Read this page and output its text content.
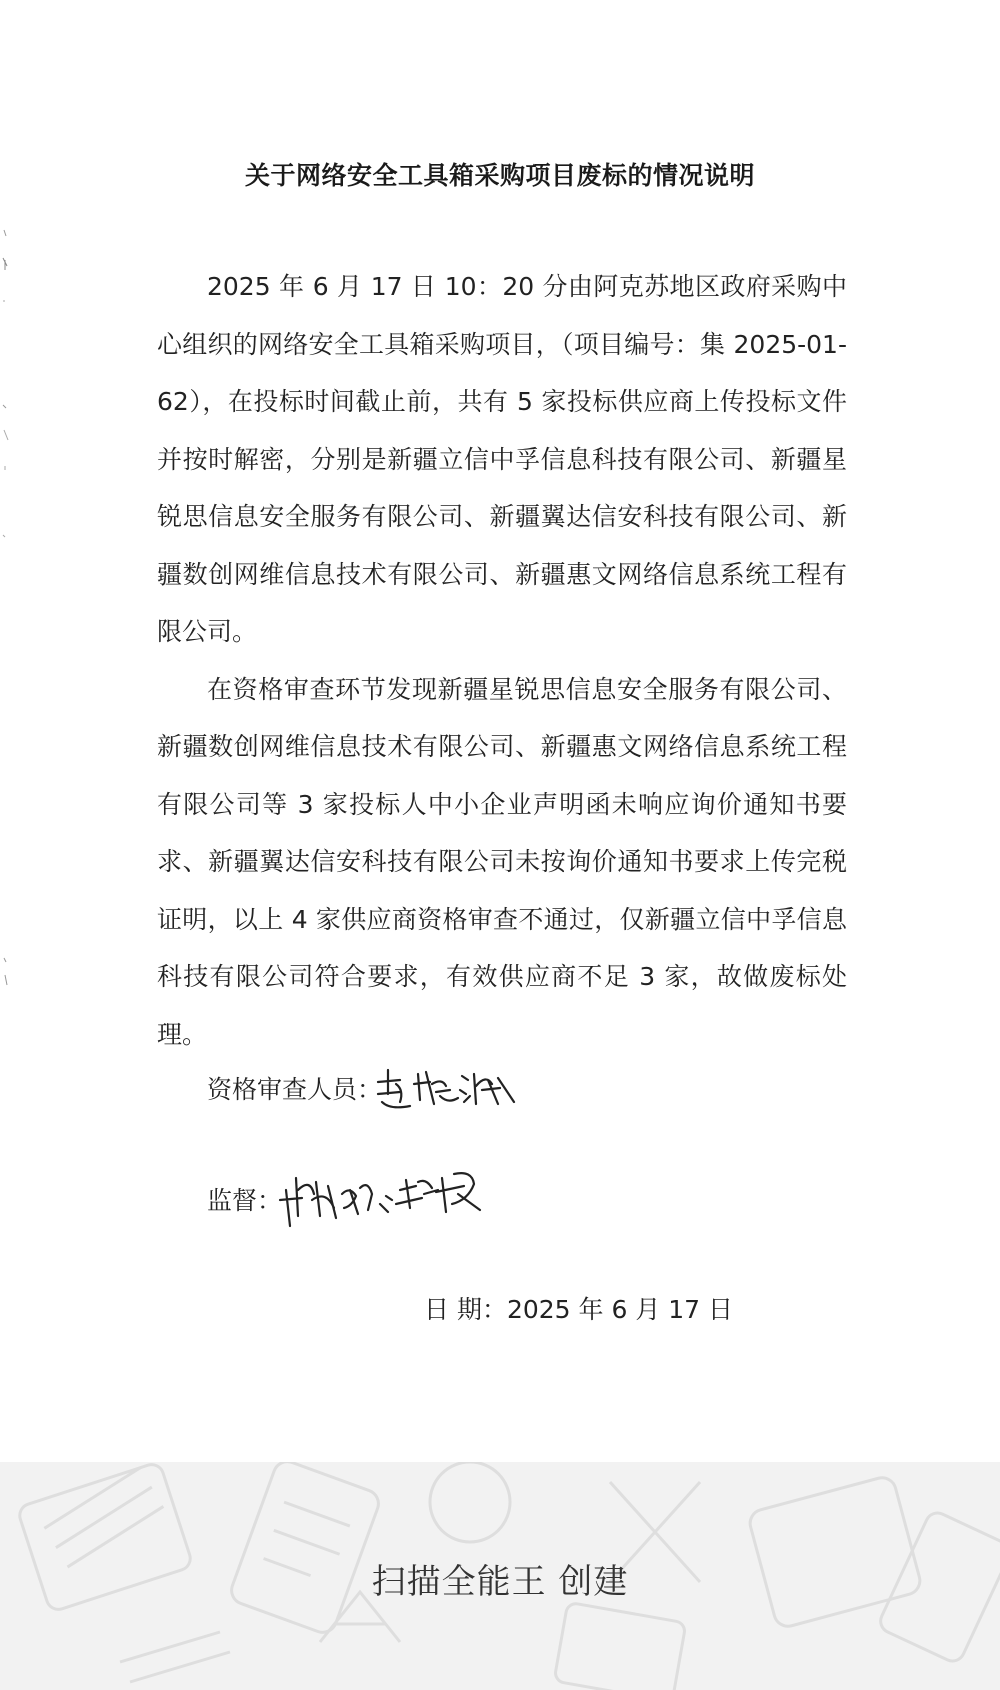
关于网络安全工具箱采购项目废标的情况说明

2025 年 6 月 17 日 10：20 分由阿克苏地区政府采购中心组织的网络安全工具箱采购项目，（项目编号：集 2025-01-62），在投标时间截止前，共有 5 家投标供应商上传投标文件并按时解密，分别是新疆立信中孚信息科技有限公司、新疆星锐思信息安全服务有限公司、新疆翼达信安科技有限公司、新疆数创网维信息技术有限公司、新疆惠文网络信息系统工程有限公司。

在资格审查环节发现新疆星锐思信息安全服务有限公司、新疆数创网维信息技术有限公司、新疆惠文网络信息系统工程有限公司等 3 家投标人中小企业声明函未响应询价通知书要求、新疆翼达信安科技有限公司未按询价通知书要求上传完税证明，以上 4 家供应商资格审查不通过，仅新疆立信中孚信息科技有限公司符合要求，有效供应商不足 3 家，故做废标处理。

资格审查人员：
监督：
日 期：2025 年 6 月 17 日
扫描全能王 创建
